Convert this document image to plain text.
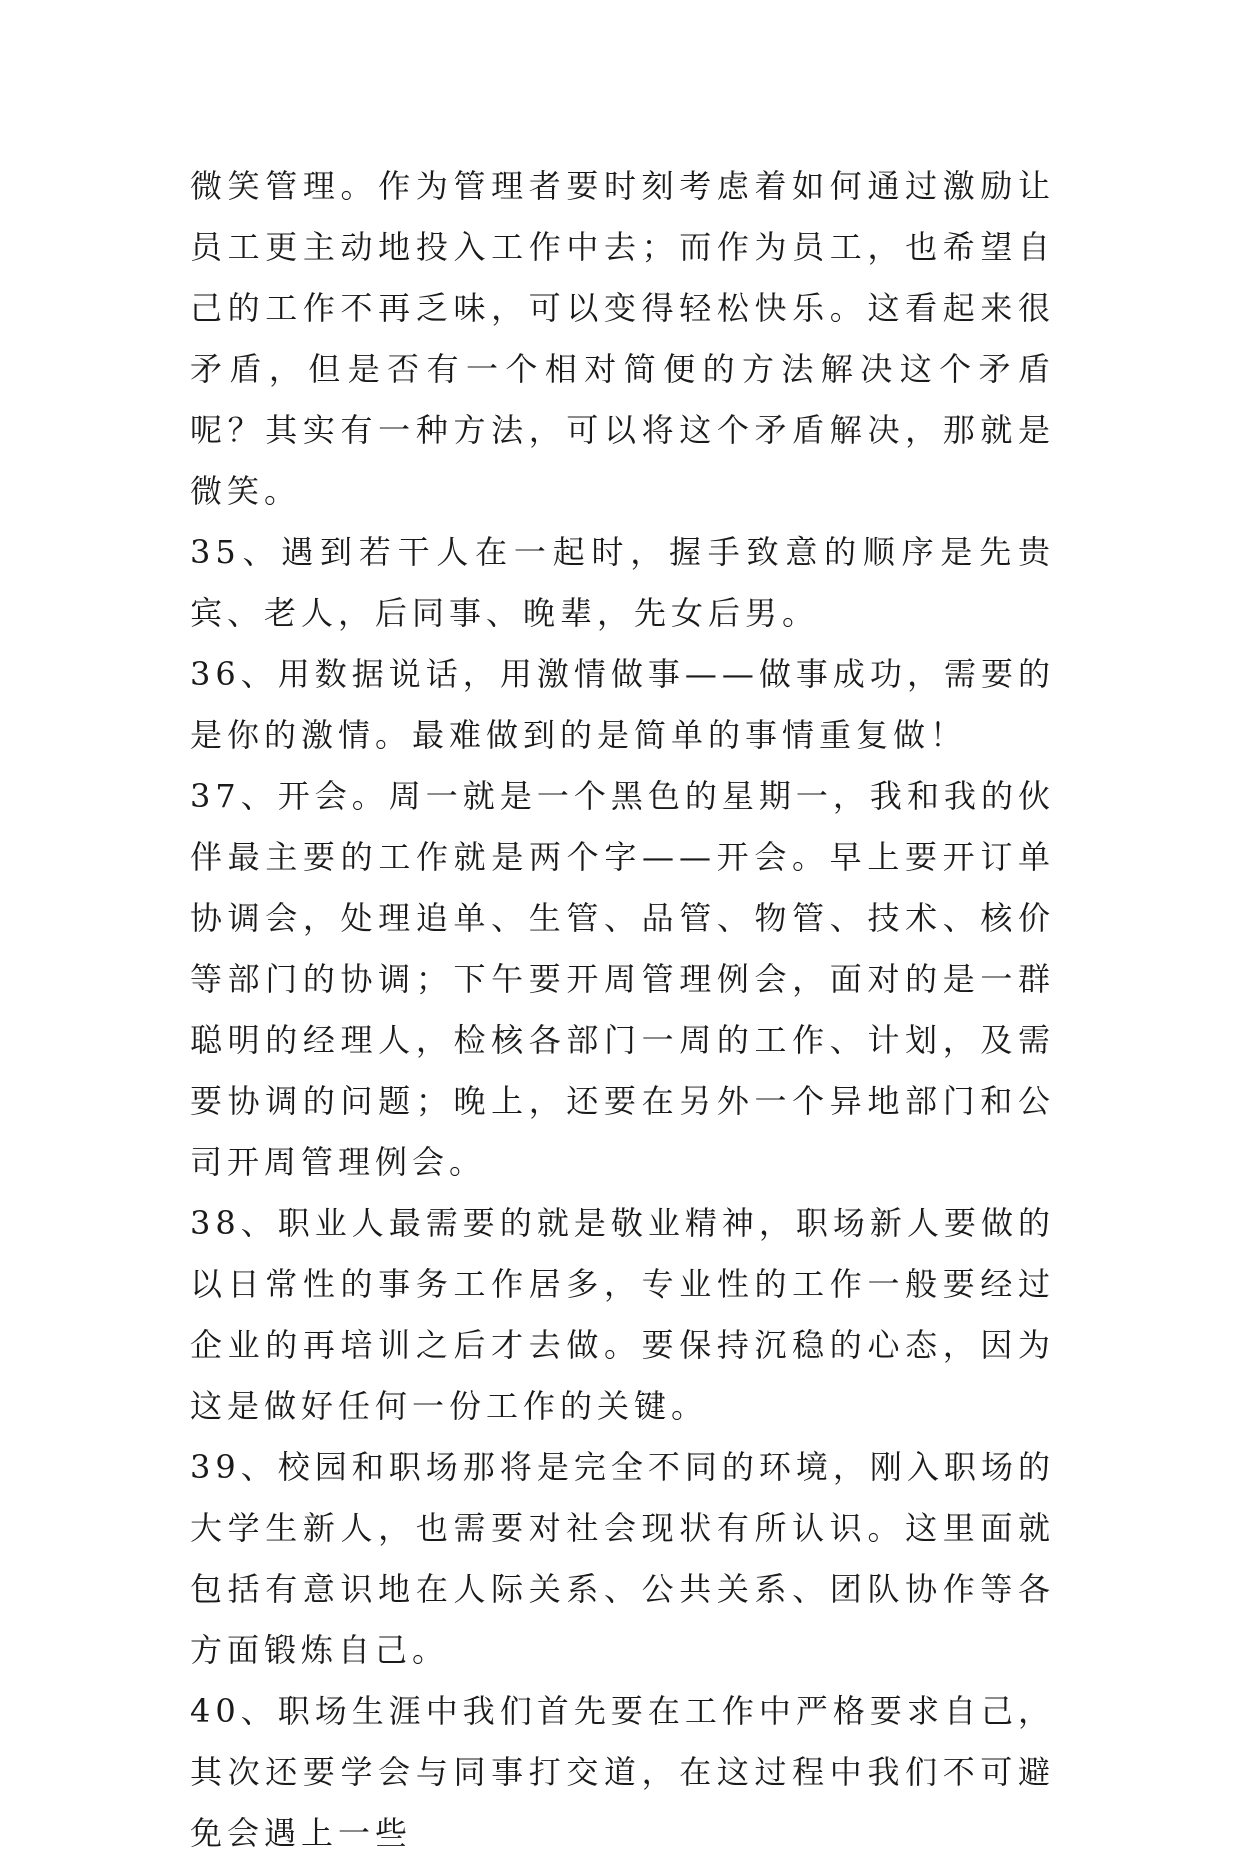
微笑管理。作为管理者要时刻考虑着如何通过激励让员工更主动地投入工作中去；而作为员工，也希望自己的工作不再乏味，可以变得轻松快乐。这看起来很矛盾，但是否有一个相对简便的方法解决这个矛盾呢？其实有一种方法，可以将这个矛盾解决，那就是微笑。

35、遇到若干人在一起时，握手致意的顺序是先贵宾、老人，后同事、晚辈，先女后男。

36、用数据说话，用激情做事——做事成功，需要的是你的激情。最难做到的是简单的事情重复做！

37、开会。周一就是一个黑色的星期一，我和我的伙伴最主要的工作就是两个字——开会。早上要开订单协调会，处理追单、生管、品管、物管、技术、核价等部门的协调；下午要开周管理例会，面对的是一群聪明的经理人，检核各部门一周的工作、计划，及需要协调的问题；晚上，还要在另外一个异地部门和公司开周管理例会。

38、职业人最需要的就是敬业精神，职场新人要做的以日常性的事务工作居多，专业性的工作一般要经过企业的再培训之后才去做。要保持沉稳的心态，因为这是做好任何一份工作的关键。

39、校园和职场那将是完全不同的环境，刚入职场的大学生新人，也需要对社会现状有所认识。这里面就包括有意识地在人际关系、公共关系、团队协作等各方面锻炼自己。

40、职场生涯中我们首先要在工作中严格要求自己，其次还要学会与同事打交道，在这过程中我们不可避免会遇上一些
